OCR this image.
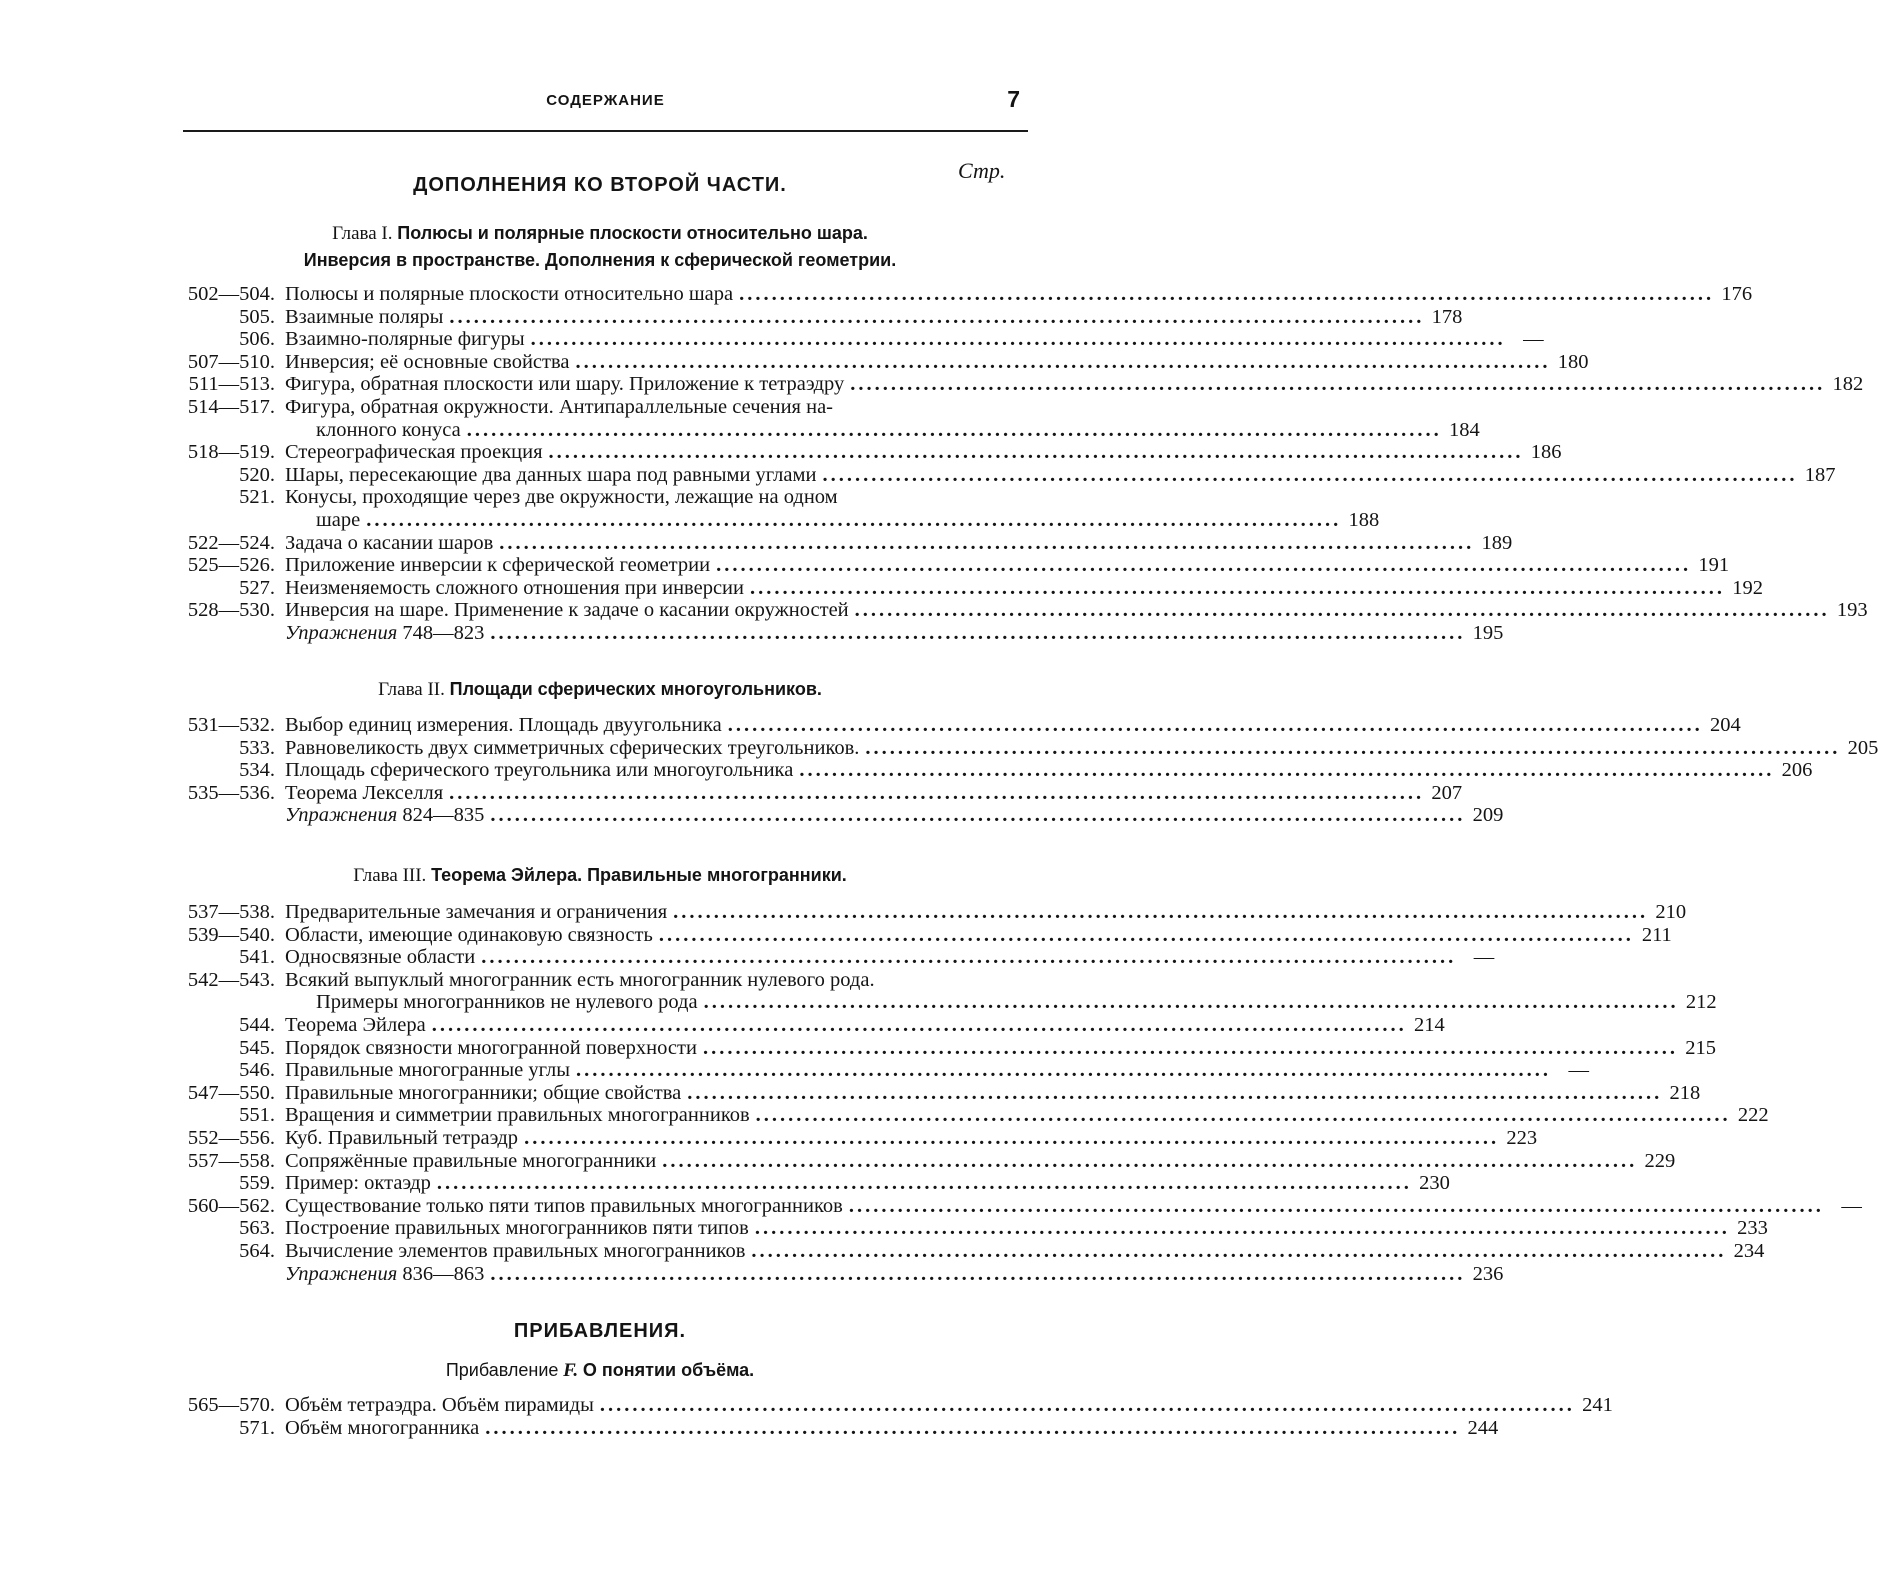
СОДЕРЖАНИЕ	7
Стр.
ДОПОЛНЕНИЯ КО ВТОРОЙ ЧАСТИ.
Глава I. Полюсы и полярные плоскости относительно шара.
Инверсия в пространстве. Дополнения к сферической геометрии.
502—504. Полюсы и полярные плоскости относительно шара ........................................................................................................................ 176
505. Взаимные поляры ........................................................................................................................ 178
506. Взаимно-полярные фигуры ........................................................................................................................ —
507—510. Инверсия; её основные свойства ........................................................................................................................ 180
511—513. Фигура, обратная плоскости или шару. Приложение к тетраэдру ........................................................................................................................ 182
514—517. Фигура, обратная окружности. Антипараллельные сечения на-
клонного конуса ........................................................................................................................ 184
518—519. Стереографическая проекция ........................................................................................................................ 186
520. Шары, пересекающие два данных шара под равными углами ........................................................................................................................ 187
521. Конусы, проходящие через две окружности, лежащие на одном
шаре ........................................................................................................................ 188
522—524. Задача о касании шаров ........................................................................................................................ 189
525—526. Приложение инверсии к сферической геометрии ........................................................................................................................ 191
527. Неизменяемость сложного отношения при инверсии ........................................................................................................................ 192
528—530. Инверсия на шаре. Применение к задаче о касании окружностей ........................................................................................................................ 193
Упражнения 748—823 ........................................................................................................................ 195
Глава II. Площади сферических многоугольников.
531—532. Выбор единиц измерения. Площадь двуугольника ........................................................................................................................ 204
533. Равновеликость двух симметричных сферических треугольников. ........................................................................................................................ 205
534. Площадь сферического треугольника или многоугольника ........................................................................................................................ 206
535—536. Теорема Лекселля ........................................................................................................................ 207
Упражнения 824—835 ........................................................................................................................ 209
Глава III. Теорема Эйлера. Правильные многогранники.
537—538. Предварительные замечания и ограничения ........................................................................................................................ 210
539—540. Области, имеющие одинаковую связность ........................................................................................................................ 211
541. Односвязные области ........................................................................................................................ —
542—543. Всякий выпуклый многогранник есть многогранник нулевого рода.
Примеры многогранников не нулевого рода ........................................................................................................................ 212
544. Теорема Эйлера ........................................................................................................................ 214
545. Порядок связности многогранной поверхности ........................................................................................................................ 215
546. Правильные многогранные углы ........................................................................................................................ —
547—550. Правильные многогранники; общие свойства ........................................................................................................................ 218
551. Вращения и симметрии правильных многогранников ........................................................................................................................ 222
552—556. Куб. Правильный тетраэдр ........................................................................................................................ 223
557—558. Сопряжённые правильные многогранники ........................................................................................................................ 229
559. Пример: октаэдр ........................................................................................................................ 230
560—562. Существование только пяти типов правильных многогранников ........................................................................................................................ —
563. Построение правильных многогранников пяти типов ........................................................................................................................ 233
564. Вычисление элементов правильных многогранников ........................................................................................................................ 234
Упражнения 836—863 ........................................................................................................................ 236
ПРИБАВЛЕНИЯ.
Прибавление F. О понятии объёма.
565—570. Объём тетраэдра. Объём пирамиды ........................................................................................................................ 241
571. Объём многогранника ........................................................................................................................ 244
